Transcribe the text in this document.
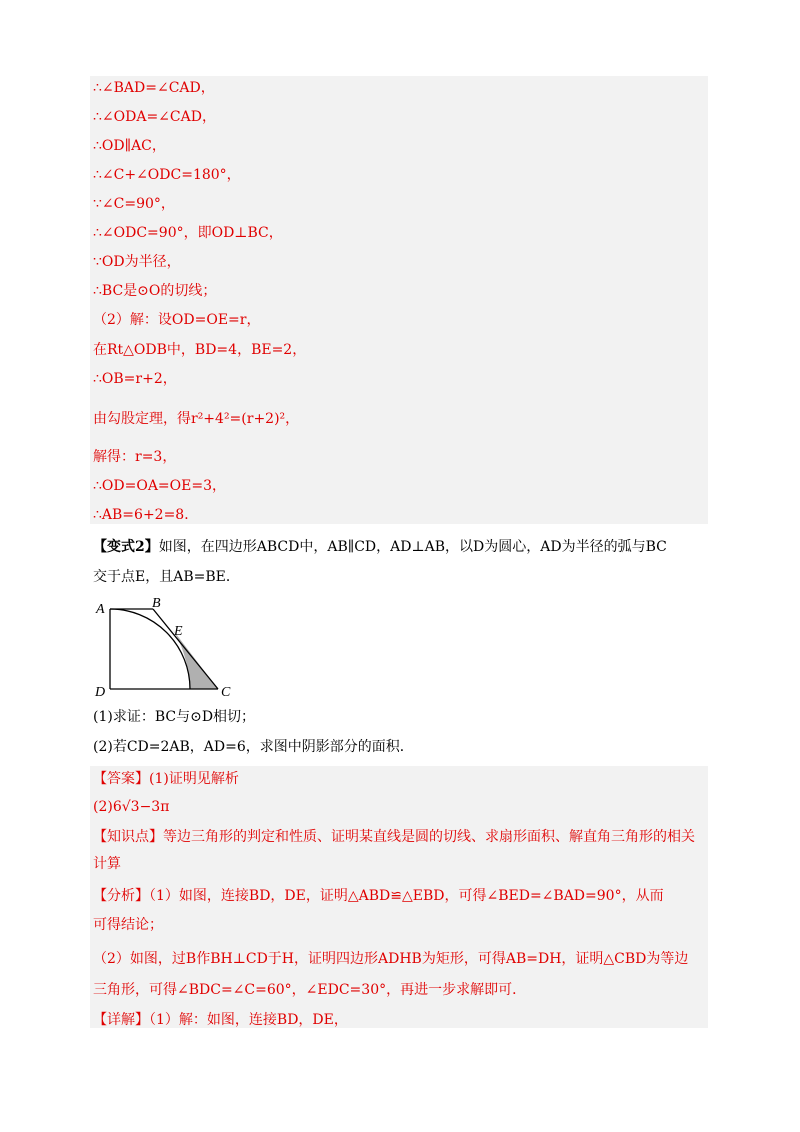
∴∠BAD=∠CAD，
∴∠ODA=∠CAD，
∴OD∥AC，
∴∠C+∠ODC=180°，
∵∠C=90°，
∴∠ODC=90°，即OD⊥BC，
∵OD为半径，
∴BC是⊙O的切线；
（2）解：设OD=OE=r，
在Rt△ODB中，BD=4，BE=2，
∴OB=r+2，
由勾股定理，得r²+4²=(r+2)²，
解得：r=3，
∴OD=OA=OE=3，
∴AB=6+2=8．
【变式2】如图，在四边形ABCD中，AB∥CD，AD⊥AB，以D为圆心，AD为半径的弧与BC
交于点E，且AB=BE．
A	B
E
D	C
(1)求证：BC与⊙D相切；
(2)若CD=2AB，AD=6，求图中阴影部分的面积．
【答案】(1)证明见解析
(2)6√3−3π
【知识点】等边三角形的判定和性质、证明某直线是圆的切线、求扇形面积、解直角三角形的相关
计算
【分析】（1）如图，连接BD，DE，证明△ABD≌△EBD，可得∠BED=∠BAD=90°，从而
可得结论；
（2）如图，过B作BH⊥CD于H，证明四边形ADHB为矩形，可得AB=DH，证明△CBD为等边
三角形，可得∠BDC=∠C=60°，∠EDC=30°，再进一步求解即可．
【详解】（1）解：如图，连接BD，DE，
